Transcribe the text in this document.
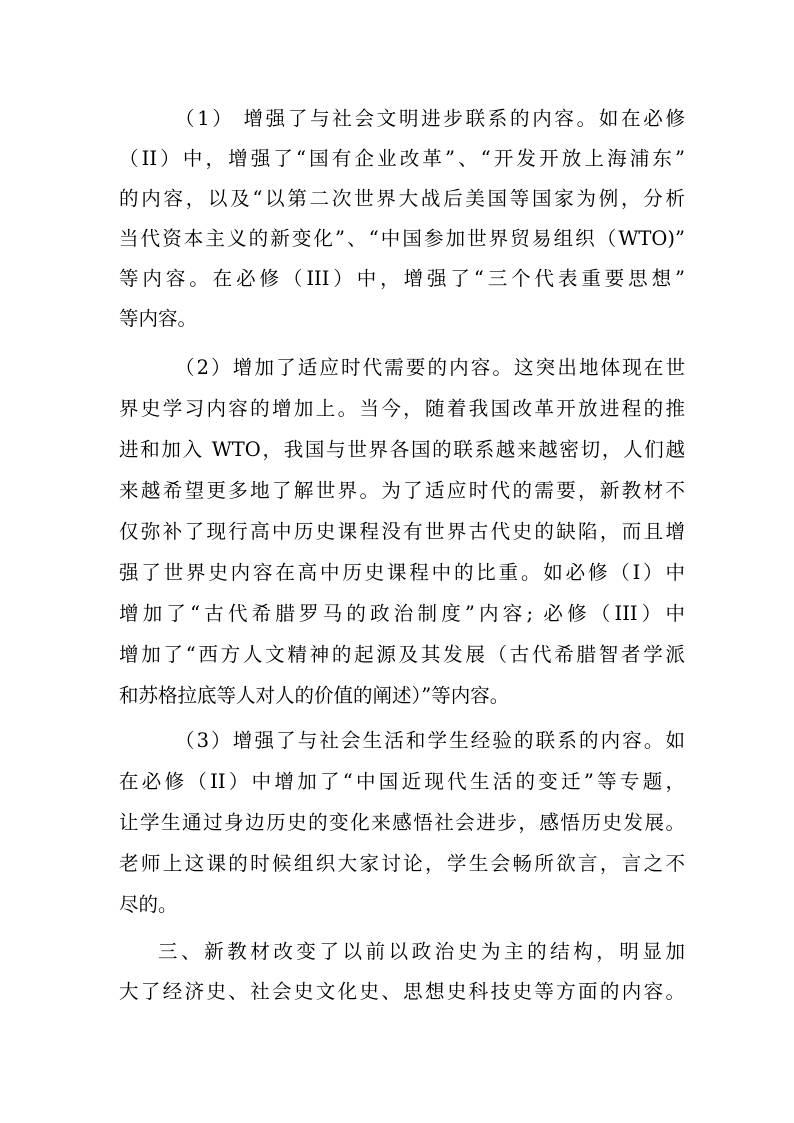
（1） 增强了与社会文明进步联系的内容。如在必修
（II）中，增强了“国有企业改革”、“开发开放上海浦东”
的内容，以及“以第二次世界大战后美国等国家为例，分析
当代资本主义的新变化”、“中国参加世界贸易组织（WTO)”
等内容。在必修（III）中，增强了“三个代表重要思想”
等内容。
（2）增加了适应时代需要的内容。这突出地体现在世
界史学习内容的增加上。当今，随着我国改革开放进程的推
进和加入 WTO，我国与世界各国的联系越来越密切，人们越
来越希望更多地了解世界。为了适应时代的需要，新教材不
仅弥补了现行高中历史课程没有世界古代史的缺陷，而且增
强了世界史内容在高中历史课程中的比重。如必修（I）中
增加了“古代希腊罗马的政治制度”内容; 必修（III）中
增加了“西方人文精神的起源及其发展（古代希腊智者学派
和苏格拉底等人对人的价值的阐述）”等内容。
（3）增强了与社会生活和学生经验的联系的内容。如
在必修（II）中增加了“中国近现代生活的变迁”等专题，
让学生通过身边历史的变化来感悟社会进步，感悟历史发展。
老师上这课的时候组织大家讨论，学生会畅所欲言，言之不
尽的。
三、新教材改变了以前以政治史为主的结构，明显加
大了经济史、社会史文化史、思想史科技史等方面的内容。
